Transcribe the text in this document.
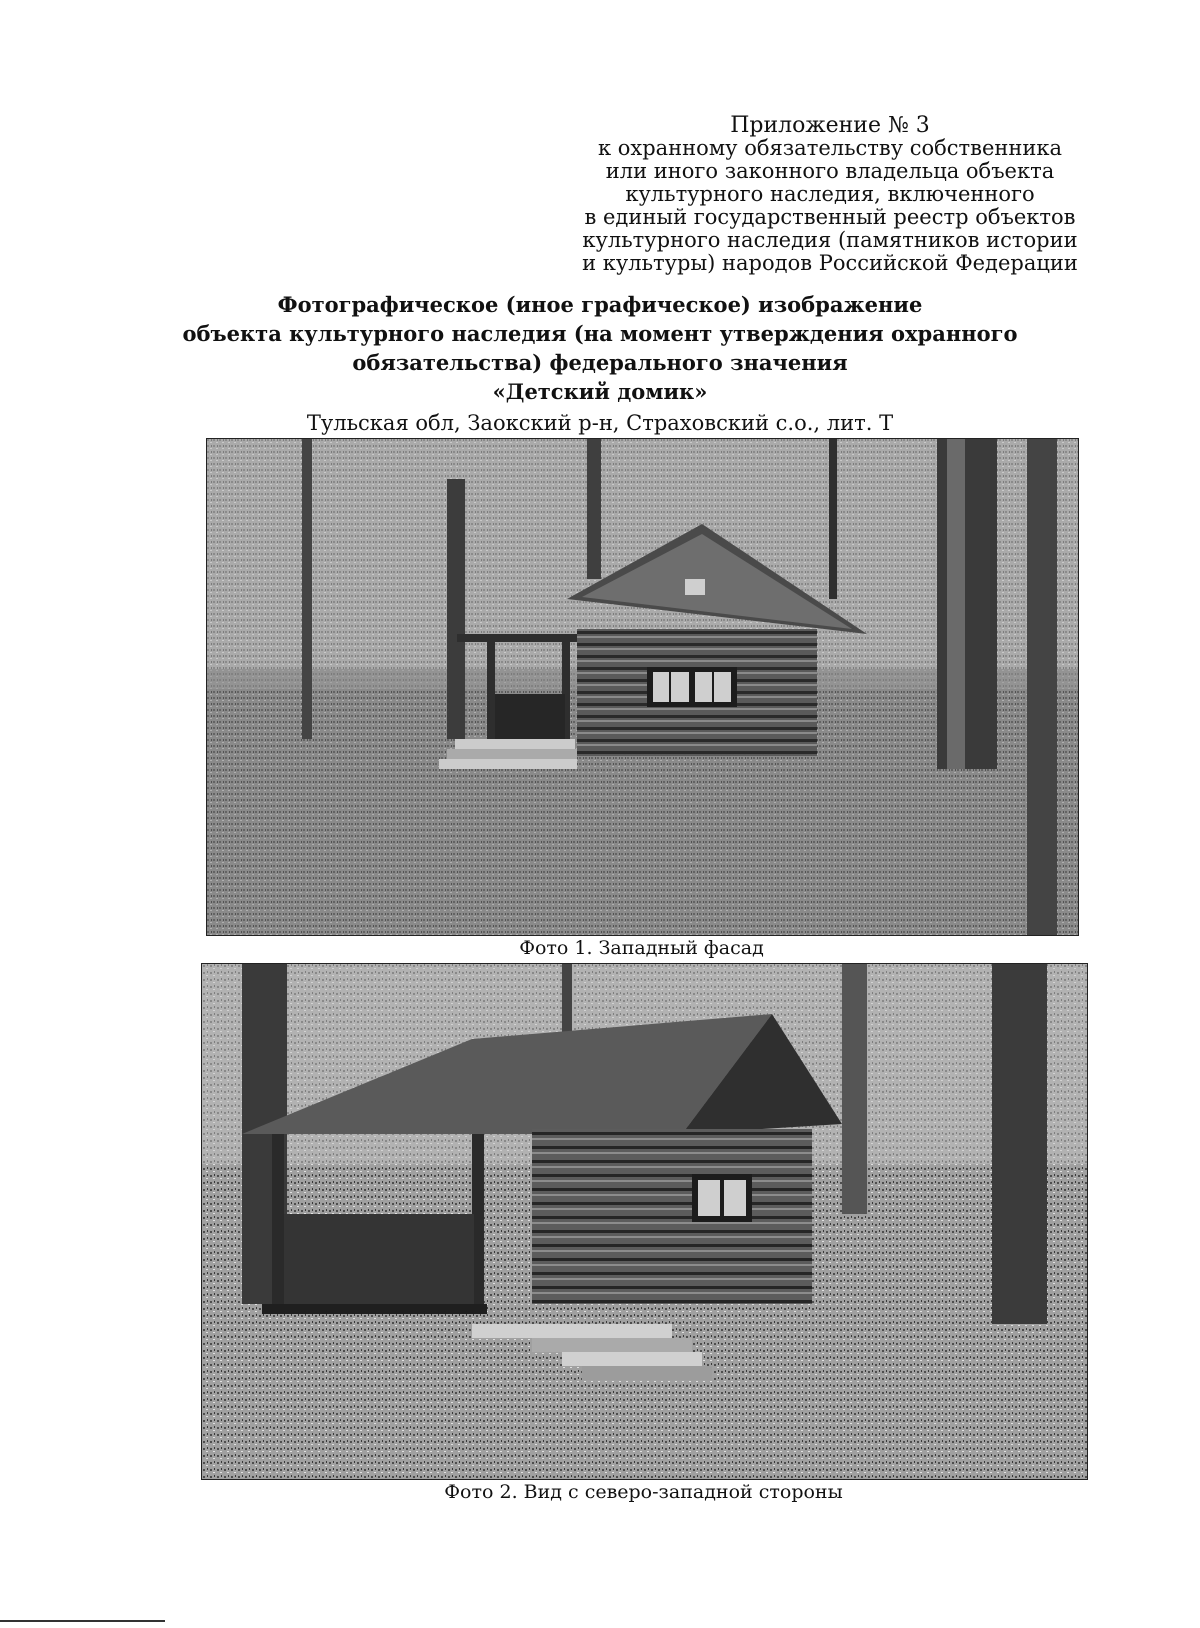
Приложение № 3
к охранному обязательству собственника
или иного законного владельца объекта
культурного наследия, включенного
в единый государственный реестр объектов
культурного наследия (памятников истории
и культуры) народов Российской Федерации
Фотографическое (иное графическое) изображение
объекта культурного наследия (на момент утверждения охранного
обязательства) федерального значения
«Детский домик»
Тульская обл, Заокский р-н, Страховский с.о., лит. Т
Фото 1. Западный фасад
Фото 2. Вид с северо-западной стороны
